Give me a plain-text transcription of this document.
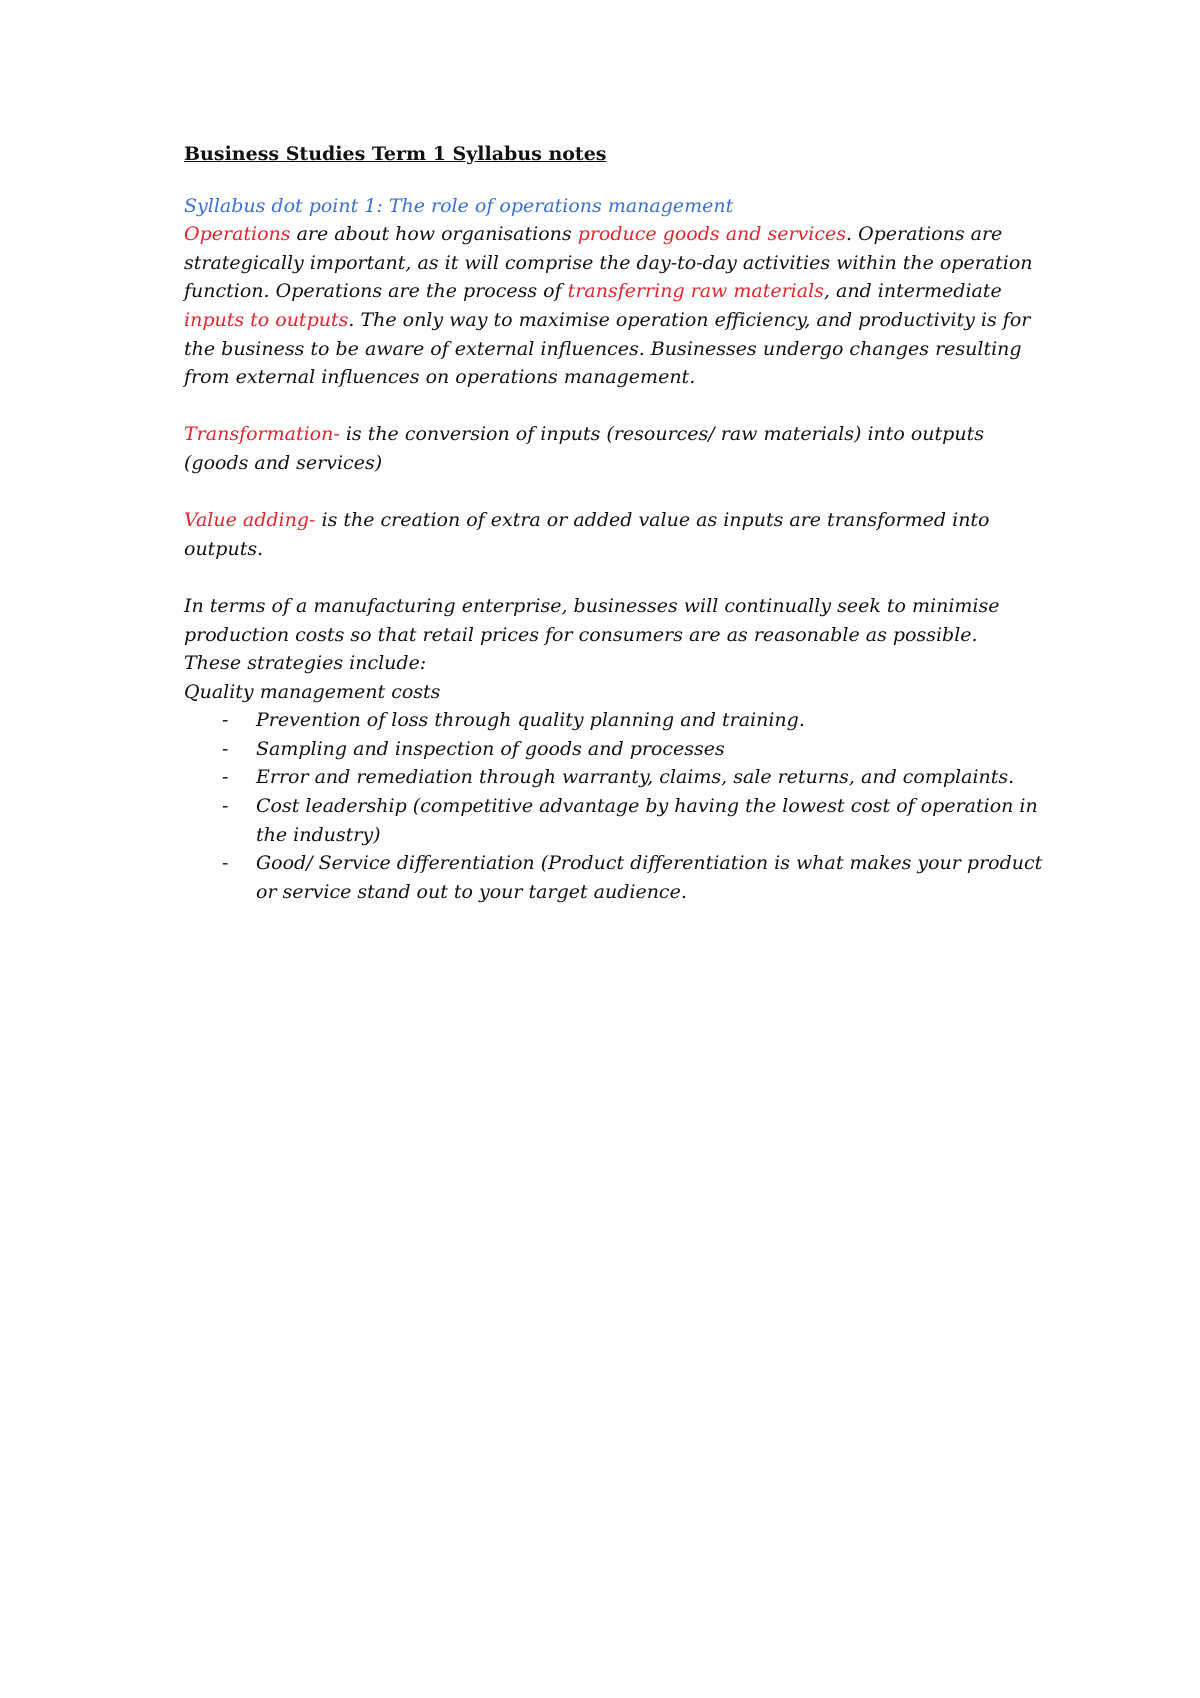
Business Studies Term 1 Syllabus notes

Syllabus dot point 1: The role of operations management

Operations are about how organisations produce goods and services. Operations are strategically important, as it will comprise the day-to-day activities within the operation function. Operations are the process of transferring raw materials, and intermediate inputs to outputs. The only way to maximise operation efficiency, and productivity is for the business to be aware of external influences. Businesses undergo changes resulting from external influences on operations management.

Transformation- is the conversion of inputs (resources/ raw materials) into outputs (goods and services)

Value adding- is the creation of extra or added value as inputs are transformed into outputs.

In terms of a manufacturing enterprise, businesses will continually seek to minimise production costs so that retail prices for consumers are as reasonable as possible.

These strategies include:

Quality management costs

- Prevention of loss through quality planning and training.
- Sampling and inspection of goods and processes
- Error and remediation through warranty, claims, sale returns, and complaints.
- Cost leadership (competitive advantage by having the lowest cost of operation in the industry)
- Good/ Service differentiation (Product differentiation is what makes your product or service stand out to your target audience.
